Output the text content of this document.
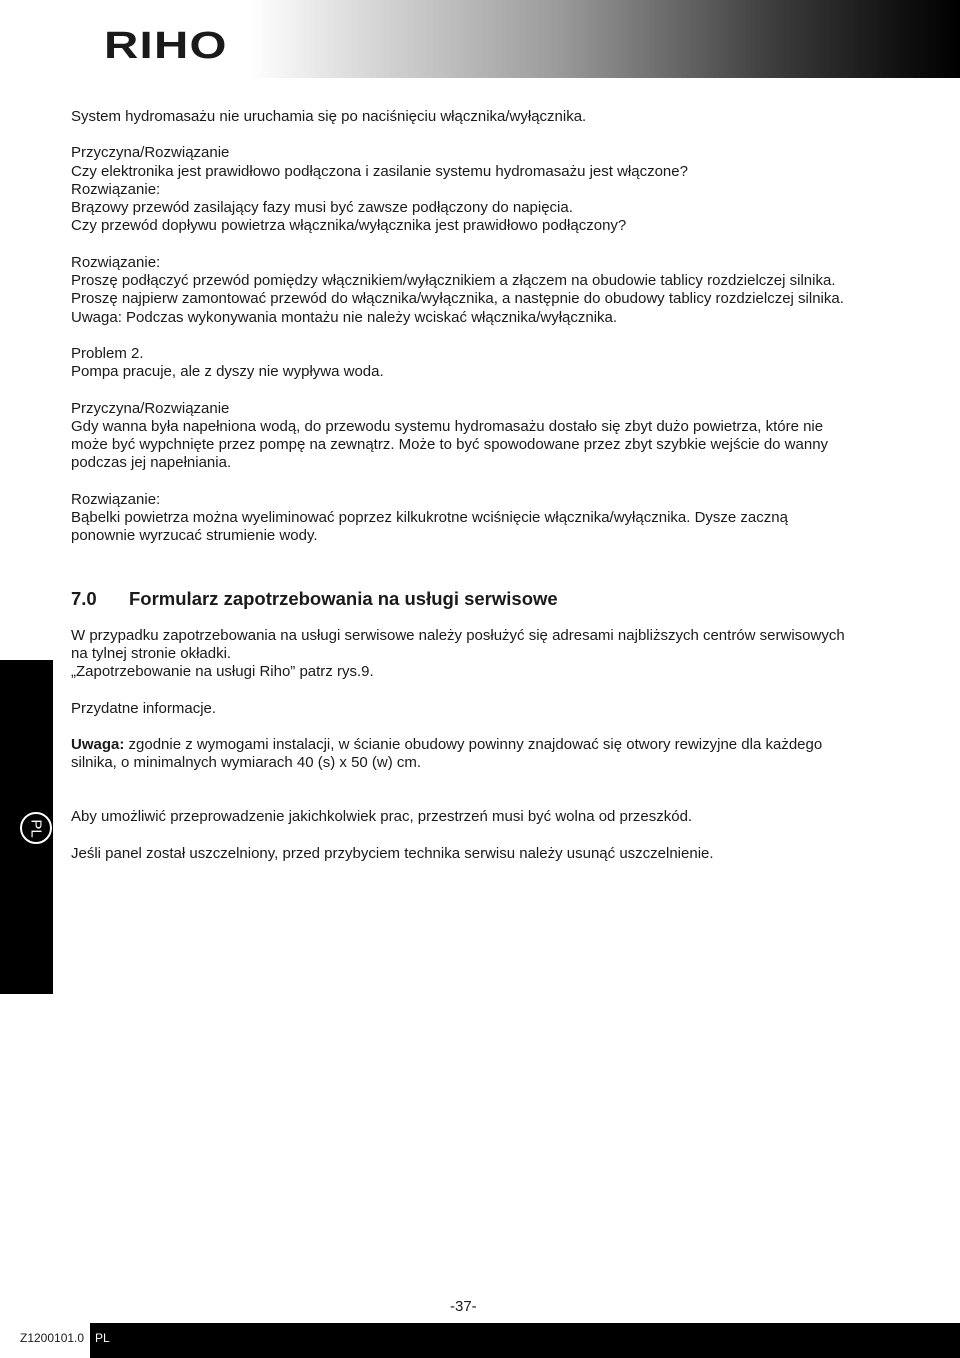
RIHO
PL

System hydromasażu nie uruchamia się po naciśnięciu włącznika/wyłącznika.

Przyczyna/Rozwiązanie

Czy elektronika jest prawidłowo podłączona i zasilanie systemu hydromasażu jest włączone?

Rozwiązanie:

Brązowy przewód zasilający fazy musi być zawsze podłączony do napięcia.

Czy przewód dopływu powietrza włącznika/wyłącznika jest prawidłowo podłączony?

Rozwiązanie:

Proszę podłączyć przewód pomiędzy włącznikiem/wyłącznikiem a złączem na obudowie tablicy rozdzielczej silnika.

Proszę najpierw zamontować przewód do włącznika/wyłącznika, a następnie do obudowy tablicy rozdzielczej silnika.

Uwaga: Podczas wykonywania montażu nie należy wciskać włącznika/wyłącznika.

Problem 2.

Pompa pracuje, ale z dyszy nie wypływa woda.

Przyczyna/Rozwiązanie

Gdy wanna była napełniona wodą, do przewodu systemu hydromasażu dostało się zbyt dużo powietrza, które nie

może być wypchnięte przez pompę na zewnątrz. Może to być spowodowane przez zbyt szybkie wejście do wanny

podczas jej napełniania.

Rozwiązanie:

Bąbelki powietrza można wyeliminować poprzez kilkukrotne wciśnięcie włącznika/wyłącznika. Dysze zaczną

ponownie wyrzucać strumienie wody.

7.0 Formularz zapotrzebowania na usługi serwisowe

W przypadku zapotrzebowania na usługi serwisowe należy posłużyć się adresami najbliższych centrów serwisowych

na tylnej stronie okładki.

„Zapotrzebowanie na usługi Riho” patrz rys.9.

Przydatne informacje.

Uwaga: zgodnie z wymogami instalacji, w ścianie obudowy powinny znajdować się otwory rewizyjne dla każdego

silnika, o minimalnych wymiarach 40 (s) x 50 (w) cm.

Aby umożliwić przeprowadzenie jakichkolwiek prac, przestrzeń musi być wolna od przeszkód.

Jeśli panel został uszczelniony, przed przybyciem technika serwisu należy usunąć uszczelnienie.

-37-
Z1200101.0 PL
